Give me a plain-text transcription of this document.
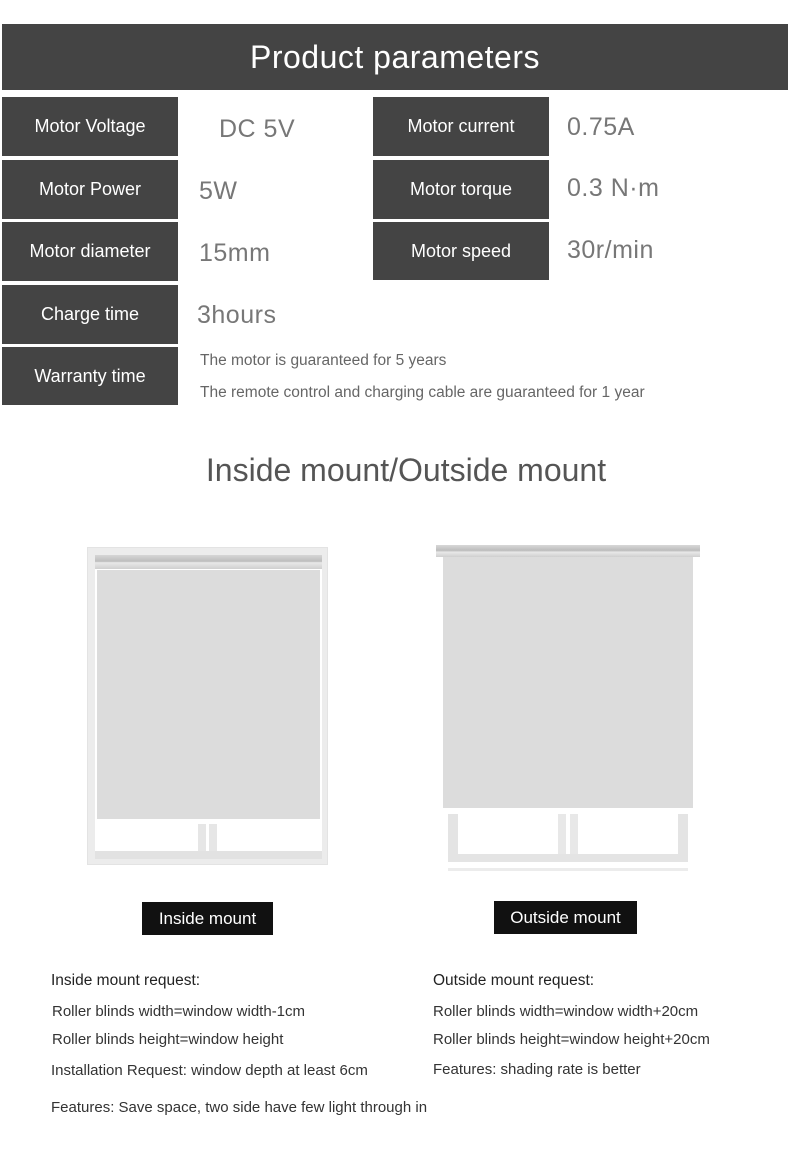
Product parameters
Motor Voltage	DC 5V	Motor current	0.75A
Motor Power	5W	Motor torque	0.3 N·m
Motor diameter	15mm	Motor speed	30r/min
Charge time	3hours
Warranty time
The motor is guaranteed for 5 years
The remote control and charging cable are guaranteed for 1 year
Inside mount/Outside mount
Inside mount	Outside mount
Inside mount request:
Roller blinds width=window width-1cm
Roller blinds height=window height
Installation Request: window depth at least 6cm
Features: Save space, two side have few light through in
Outside mount request:
Roller blinds width=window width+20cm
Roller blinds height=window height+20cm
Features: shading rate is better
